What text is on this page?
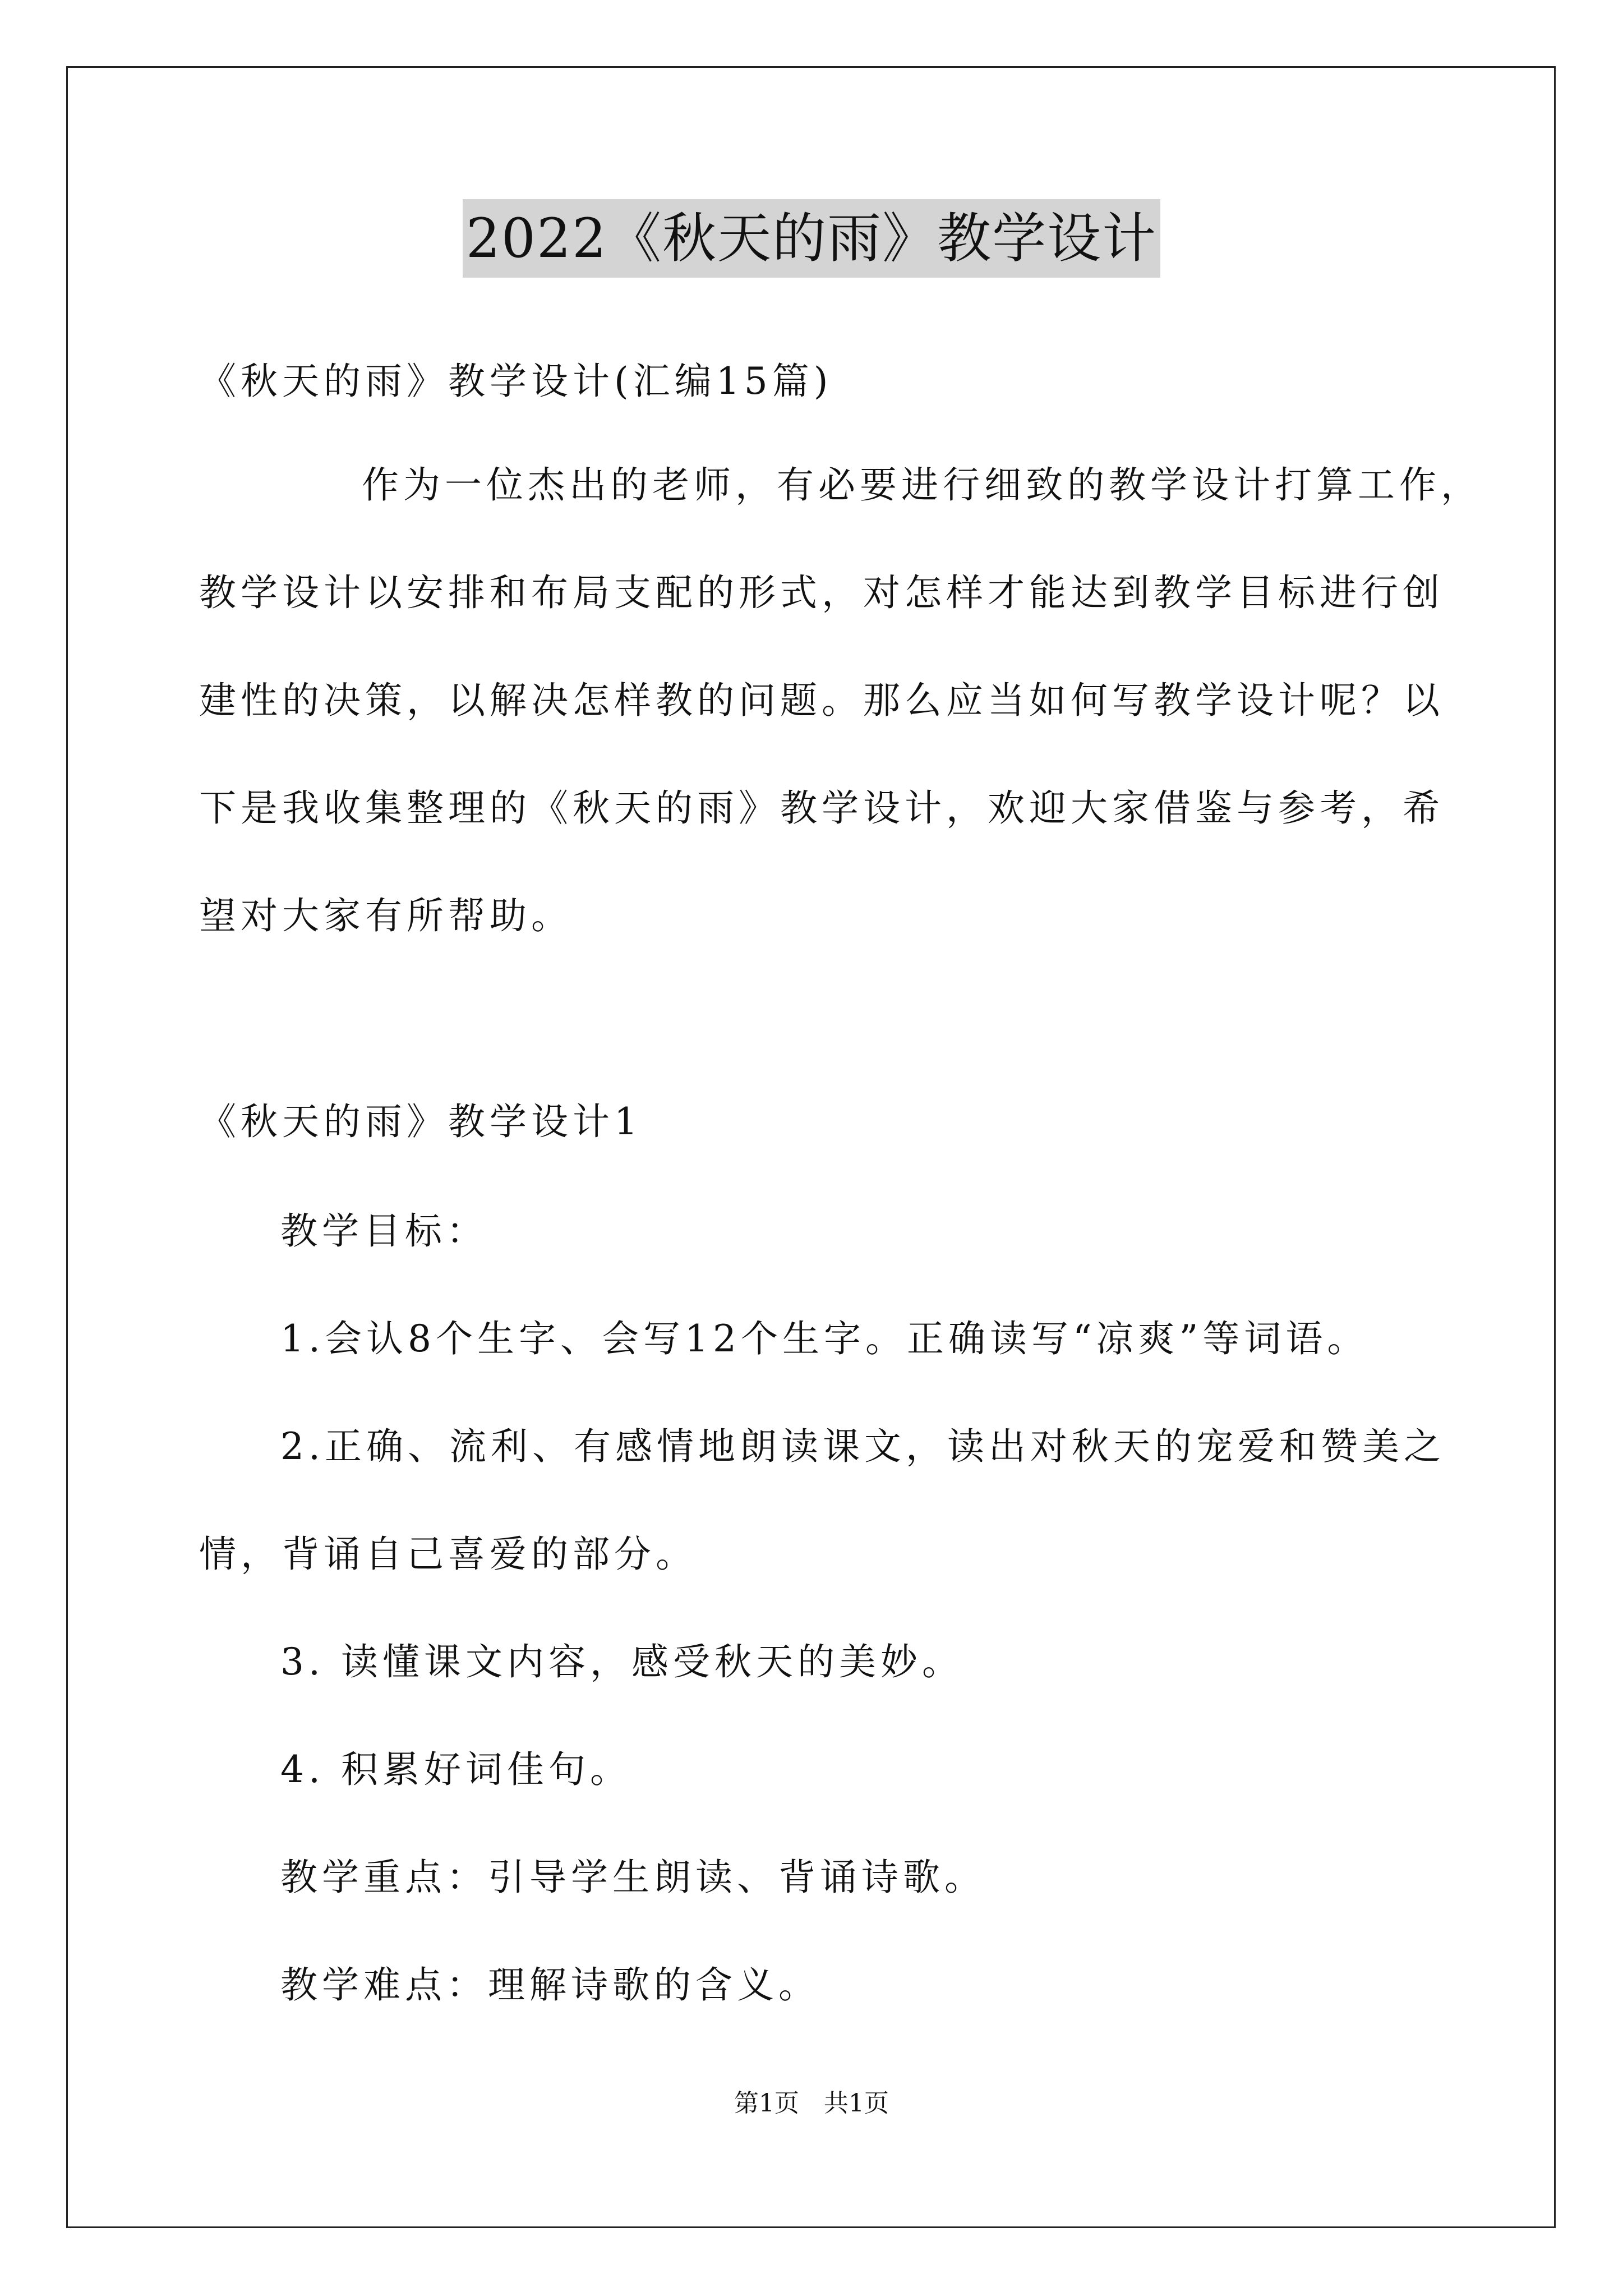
2022《秋天的雨》教学设计
《秋天的雨》教学设计(汇编15篇)
作为一位杰出的老师，有必要进行细致的教学设计打算工作，
教学设计以安排和布局支配的形式，对怎样才能达到教学目标进行创
建性的决策，以解决怎样教的问题。那么应当如何写教学设计呢？以
下是我收集整理的《秋天的雨》教学设计，欢迎大家借鉴与参考，希
望对大家有所帮助。
《秋天的雨》教学设计1
教学目标：
1.会认8个生字、会写12个生字。正确读写“凉爽”等词语。
2.正确、流利、有感情地朗读课文，读出对秋天的宠爱和赞美之
情，背诵自己喜爱的部分。
3. 读懂课文内容，感受秋天的美妙。
4. 积累好词佳句。
教学重点：引导学生朗读、背诵诗歌。
教学难点：理解诗歌的含义。
第1页 共1页
